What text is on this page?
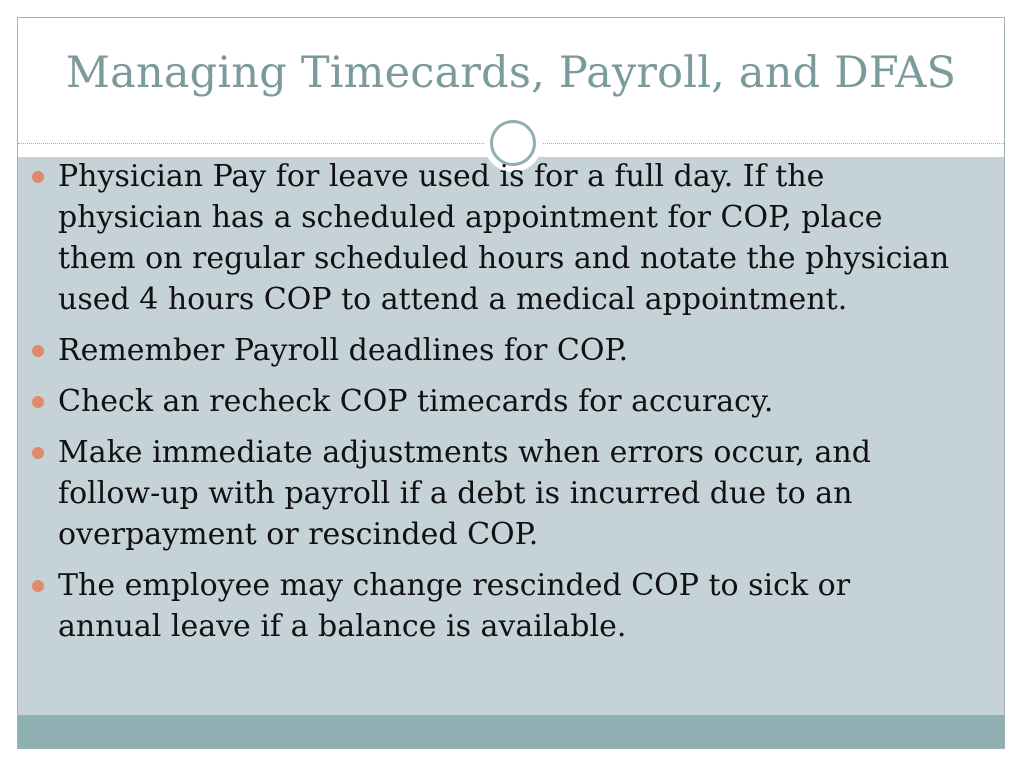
Managing Timecards, Payroll, and DFAS
Physician Pay for leave used is for a full day. If the physician has a scheduled appointment for COP, place them on regular scheduled hours and notate the physician used 4 hours COP to attend a medical appointment.
Remember Payroll deadlines for COP.
Check an recheck COP timecards for accuracy.
Make immediate adjustments when errors occur, and follow-up with payroll if a debt is incurred due to an overpayment or rescinded COP.
The employee may change rescinded COP to sick or annual leave if a balance is available.
